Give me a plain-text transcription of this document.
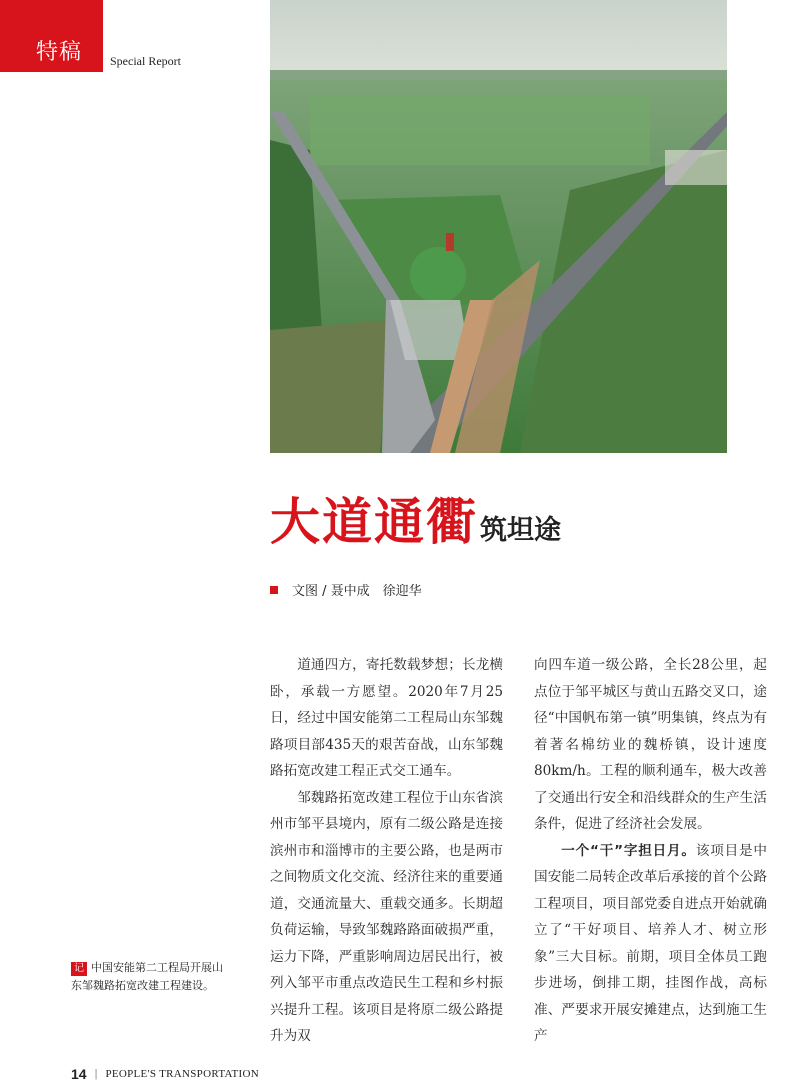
特稿 Special Report
大道通衢筑坦途
文图 / 聂中成　徐迎华

道通四方，寄托数载梦想；长龙横卧，承载一方愿望。2020年7月25日，经过中国安能第二工程局山东邹魏路项目部435天的艰苦奋战，山东邹魏路拓宽改建工程正式交工通车。

邹魏路拓宽改建工程位于山东省滨州市邹平县境内，原有二级公路是连接滨州市和淄博市的主要公路，也是两市之间物质文化交流、经济往来的重要通道，交通流量大、重载交通多。长期超负荷运输，导致邹魏路路面破损严重，运力下降，严重影响周边居民出行，被列入邹平市重点改造民生工程和乡村振兴提升工程。该项目是将原二级公路提升为双

向四车道一级公路，全长28公里，起点位于邹平城区与黄山五路交叉口，途径“中国帆布第一镇”明集镇，终点为有着著名棉纺业的魏桥镇，设计速度80km/h。工程的顺利通车，极大改善了交通出行安全和沿线群众的生产生活条件，促进了经济社会发展。

一个“干”字担日月。该项目是中国安能二局转企改革后承接的首个公路工程项目，项目部党委自进点开始就确立了“干好项目、培养人才、树立形象”三大目标。前期，项目全体员工跑步进场，倒排工期，挂图作战，高标准、严要求开展安摊建点，达到施工生产

记 中国安能第二工程局开展山东邹魏路拓宽改建工程建设。
14 | PEOPLE'S TRANSPORTATION
